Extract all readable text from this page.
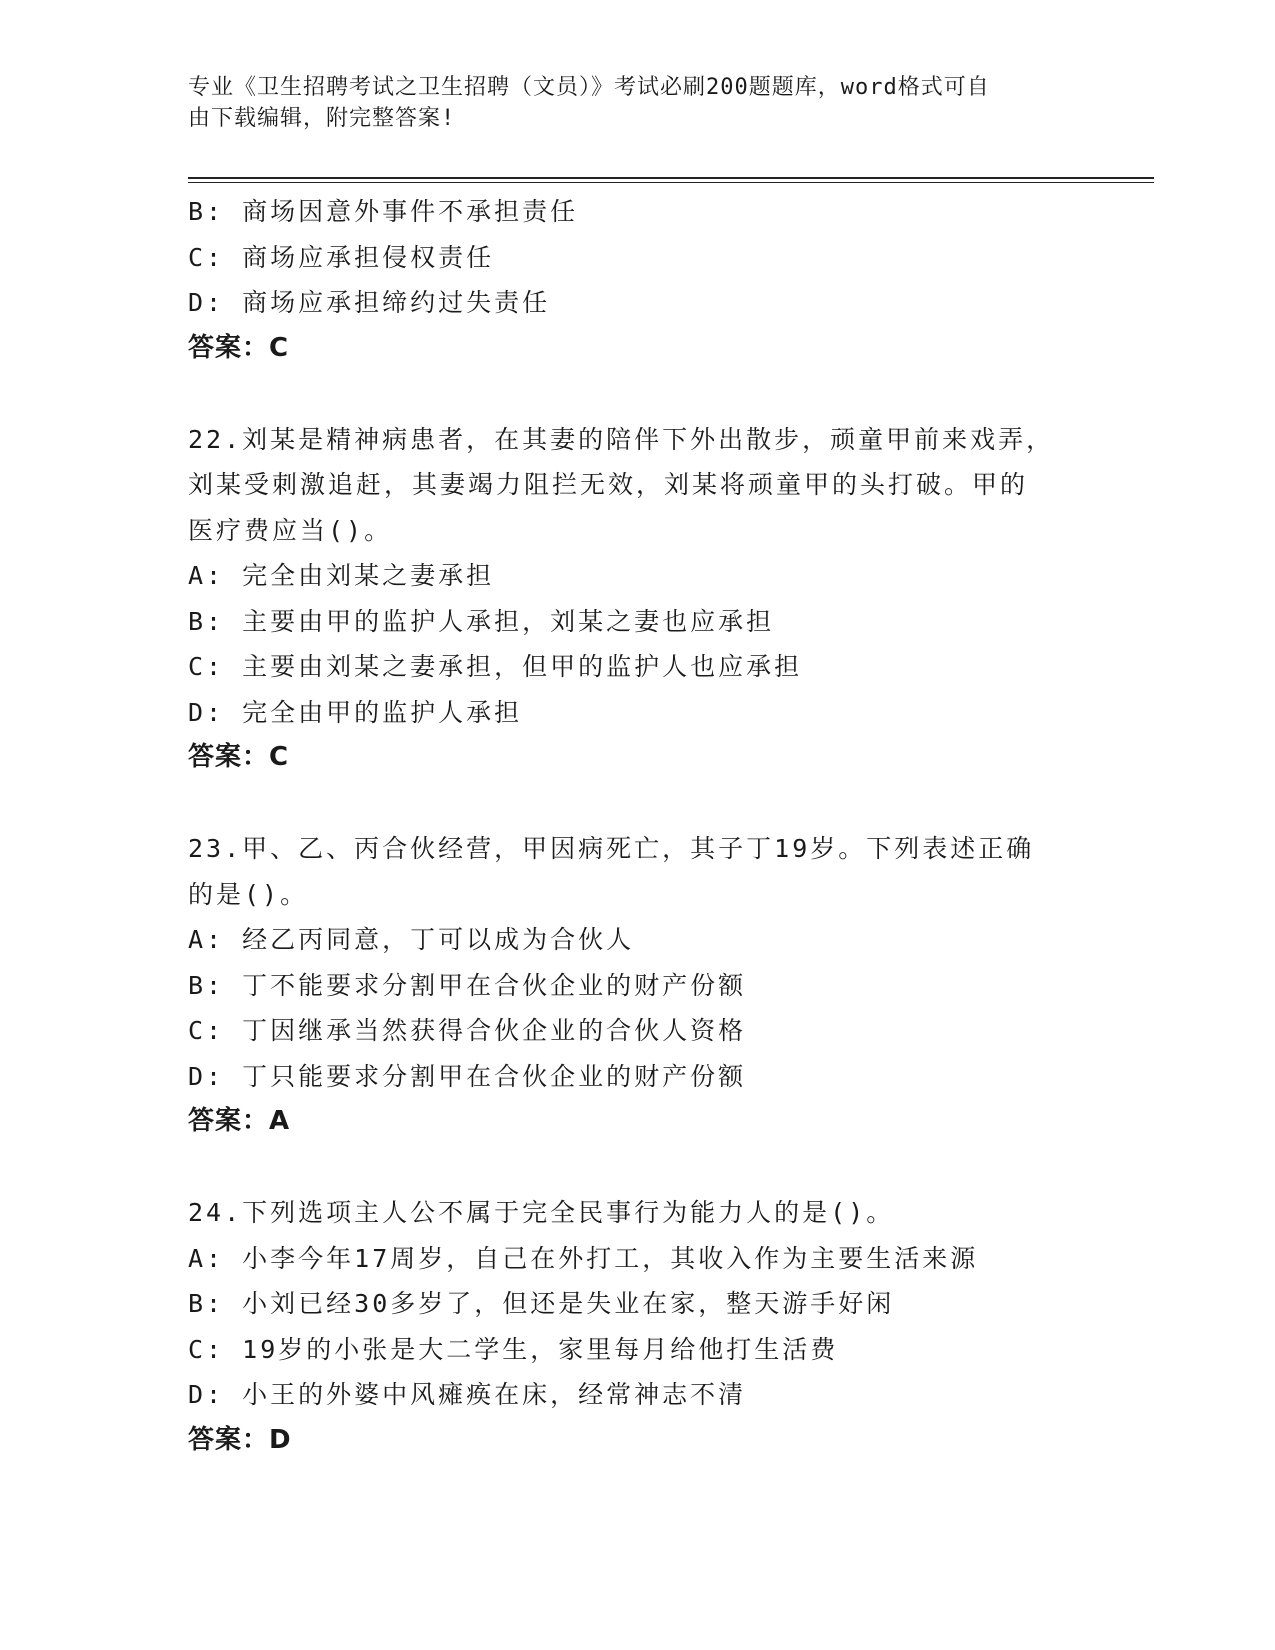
专业《卫生招聘考试之卫生招聘（文员）》考试必刷200题题库，word格式可自
由下载编辑，附完整答案!
B: 商场因意外事件不承担责任
C: 商场应承担侵权责任
D: 商场应承担缔约过失责任
答案：C
22.刘某是精神病患者，在其妻的陪伴下外出散步，顽童甲前来戏弄，
刘某受刺激追赶，其妻竭力阻拦无效，刘某将顽童甲的头打破。甲的
医疗费应当()。
A: 完全由刘某之妻承担
B: 主要由甲的监护人承担，刘某之妻也应承担
C: 主要由刘某之妻承担，但甲的监护人也应承担
D: 完全由甲的监护人承担
答案：C
23.甲、乙、丙合伙经营，甲因病死亡，其子丁19岁。下列表述正确
的是()。
A: 经乙丙同意，丁可以成为合伙人
B: 丁不能要求分割甲在合伙企业的财产份额
C: 丁因继承当然获得合伙企业的合伙人资格
D: 丁只能要求分割甲在合伙企业的财产份额
答案：A
24.下列选项主人公不属于完全民事行为能力人的是()。
A: 小李今年17周岁，自己在外打工，其收入作为主要生活来源
B: 小刘已经30多岁了，但还是失业在家，整天游手好闲
C: 19岁的小张是大二学生，家里每月给他打生活费
D: 小王的外婆中风瘫痪在床，经常神志不清
答案：D
